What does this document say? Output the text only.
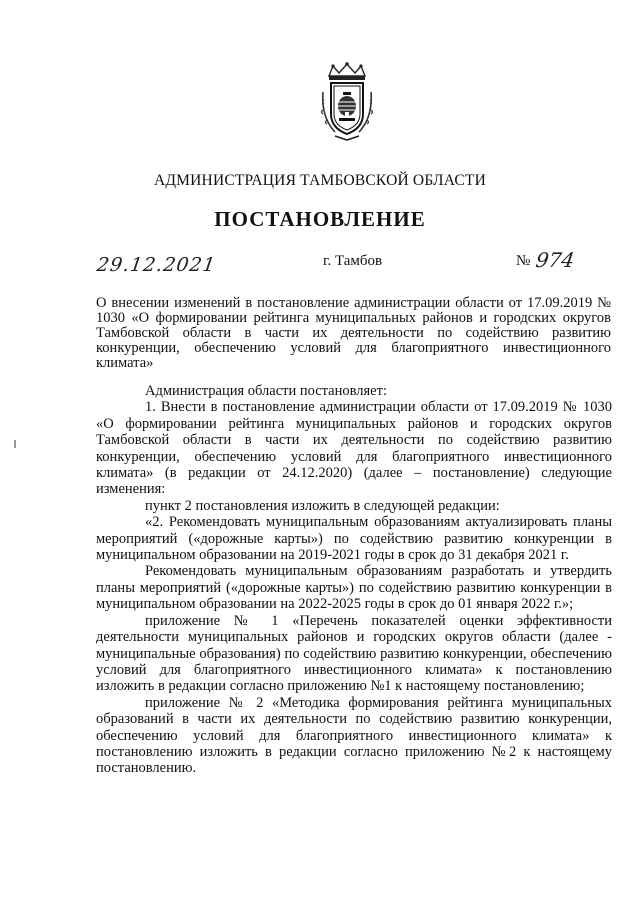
АДМИНИСТРАЦИЯ ТАМБОВСКОЙ ОБЛАСТИ
ПОСТАНОВЛЕНИЕ
29.12.2021	г. Тамбов	№ 974
О внесении изменений в постановление администрации области от 17.09.2019 № 1030 «О формировании рейтинга муниципальных районов и городских округов Тамбовской области в части их деятельности по содействию развитию конкуренции, обеспечению условий для благоприятного инвестиционного климата»

Администрация области постановляет:

1. Внести в постановление администрации области от 17.09.2019 № 1030 «О формировании рейтинга муниципальных районов и городских округов Тамбовской области в части их деятельности по содействию развитию конкуренции, обеспечению условий для благоприятного инвестиционного климата» (в редакции от 24.12.2020) (далее – постановление) следующие изменения:

пункт 2 постановления изложить в следующей редакции:

«2. Рекомендовать муниципальным образованиям актуализировать планы мероприятий («дорожные карты») по содействию развитию конкуренции в муниципальном образовании на 2019-2021 годы в срок до 31 декабря 2021 г.

Рекомендовать муниципальным образованиям разработать и утвердить планы мероприятий («дорожные карты») по содействию развитию конкуренции в муниципальном образовании на 2022-2025 годы в срок до 01 января 2022 г.»;

приложение № 1 «Перечень показателей оценки эффективности деятельности муниципальных районов и городских округов области (далее - муниципальные образования) по содействию развитию конкуренции, обеспечению условий для благоприятного инвестиционного климата» к постановлению изложить в редакции согласно приложению №1 к настоящему постановлению;

приложение № 2 «Методика формирования рейтинга муниципальных образований в части их деятельности по содействию развитию конкуренции, обеспечению условий для благоприятного инвестиционного климата» к постановлению изложить в редакции согласно приложению №2 к настоящему постановлению.
